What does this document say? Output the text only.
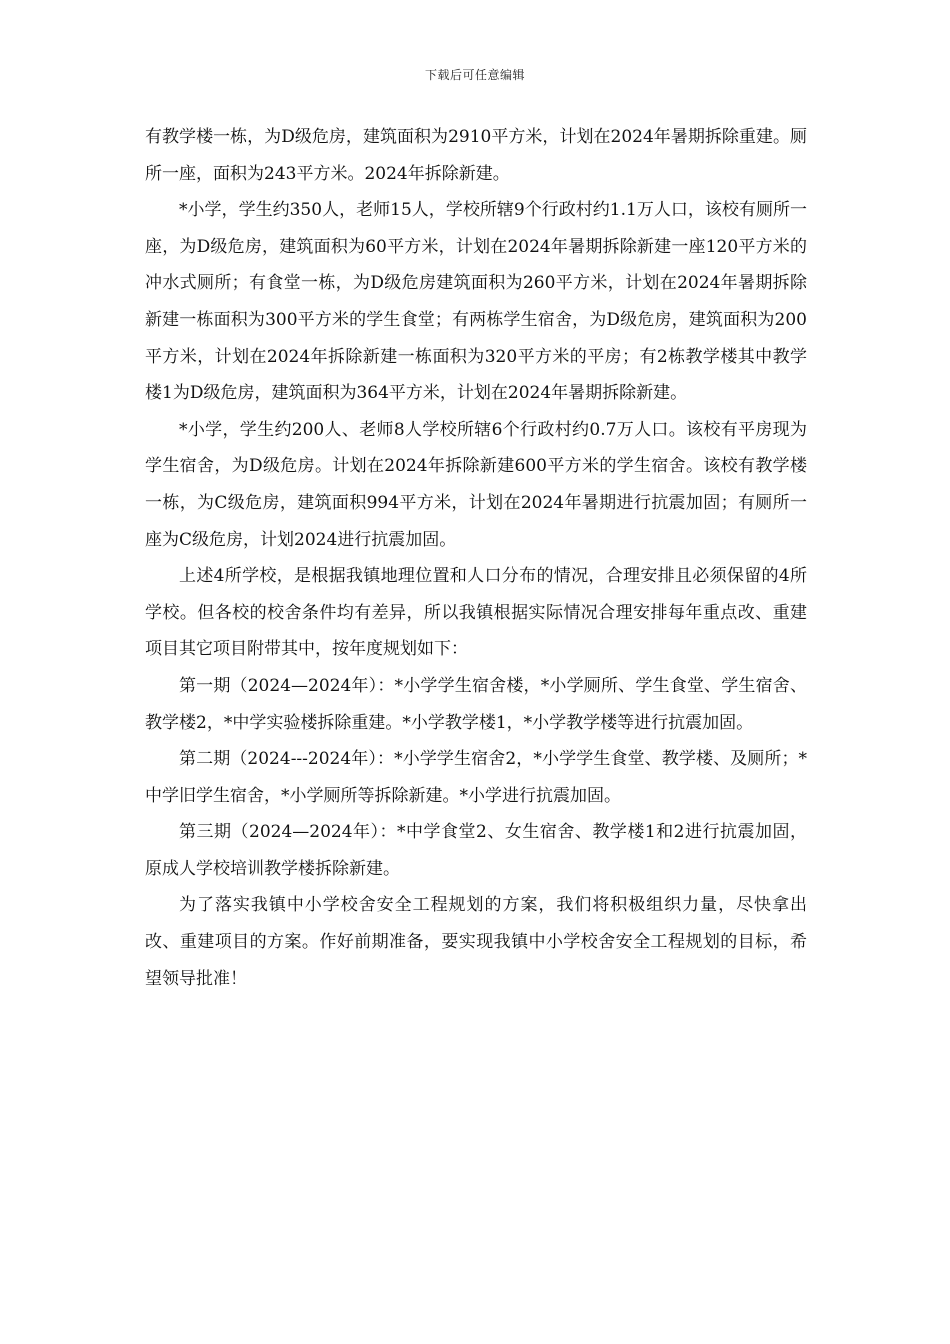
下载后可任意编辑

有教学楼一栋，为D级危房，建筑面积为2910平方米，计划在2024年暑期拆除重建。厕所一座，面积为243平方米。2024年拆除新建。

*小学，学生约350人，老师15人，学校所辖9个行政村约1.1万人口，该校有厕所一座，为D级危房，建筑面积为60平方米，计划在2024年暑期拆除新建一座120平方米的冲水式厕所；有食堂一栋，为D级危房建筑面积为260平方米，计划在2024年暑期拆除新建一栋面积为300平方米的学生食堂；有两栋学生宿舍，为D级危房，建筑面积为200平方米，计划在2024年拆除新建一栋面积为320平方米的平房；有2栋教学楼其中教学楼1为D级危房，建筑面积为364平方米，计划在2024年暑期拆除新建。

*小学，学生约200人、老师8人学校所辖6个行政村约0.7万人口。该校有平房现为学生宿舍，为D级危房。计划在2024年拆除新建600平方米的学生宿舍。该校有教学楼一栋，为C级危房，建筑面积994平方米，计划在2024年暑期进行抗震加固；有厕所一座为C级危房，计划2024进行抗震加固。

上述4所学校，是根据我镇地理位置和人口分布的情况，合理安排且必须保留的4所学校。但各校的校舍条件均有差异，所以我镇根据实际情况合理安排每年重点改、重建项目其它项目附带其中，按年度规划如下：

第一期（2024—2024年）：*小学学生宿舍楼，*小学厕所、学生食堂、学生宿舍、教学楼2，*中学实验楼拆除重建。*小学教学楼1，*小学教学楼等进行抗震加固。

第二期（2024---2024年）：*小学学生宿舍2，*小学学生食堂、教学楼、及厕所；*中学旧学生宿舍，*小学厕所等拆除新建。*小学进行抗震加固。

第三期（2024—2024年）：*中学食堂2、女生宿舍、教学楼1和2进行抗震加固，原成人学校培训教学楼拆除新建。

为了落实我镇中小学校舍安全工程规划的方案，我们将积极组织力量，尽快拿出改、重建项目的方案。作好前期准备，要实现我镇中小学校舍安全工程规划的目标，希望领导批准！
